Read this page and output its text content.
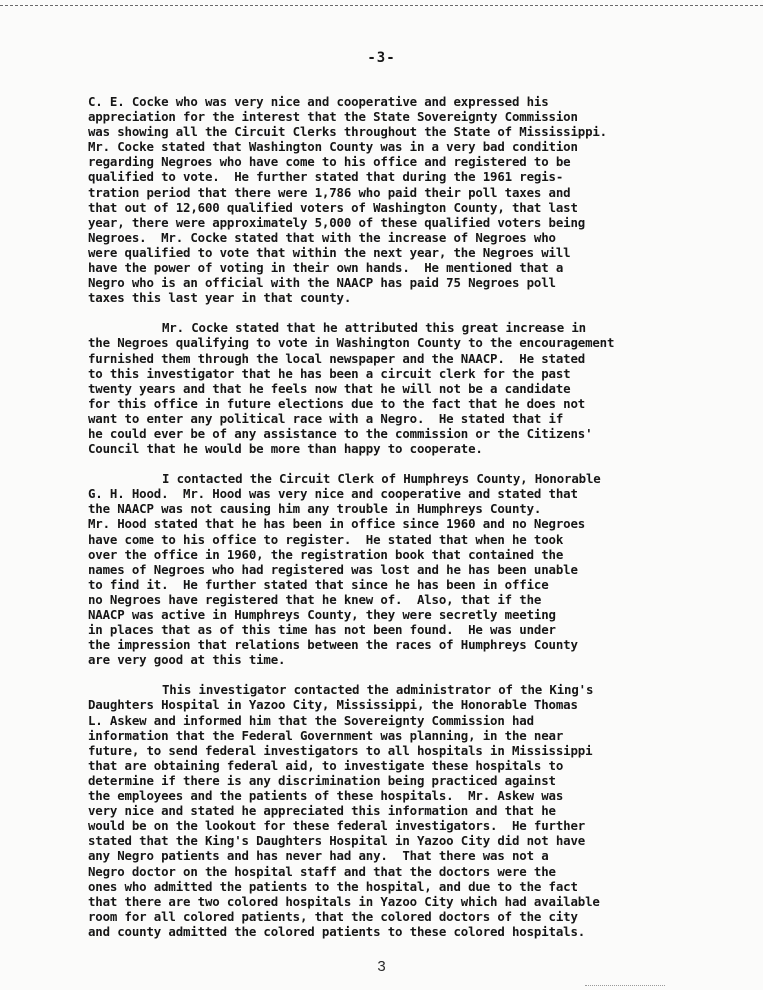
-3-
C. E. Cocke who was very nice and cooperative and expressed his
appreciation for the interest that the State Sovereignty Commission
was showing all the Circuit Clerks throughout the State of Mississippi.
Mr. Cocke stated that Washington County was in a very bad condition
regarding Negroes who have come to his office and registered to be
qualified to vote.  He further stated that during the 1961 regis-
tration period that there were 1,786 who paid their poll taxes and
that out of 12,600 qualified voters of Washington County, that last
year, there were approximately 5,000 of these qualified voters being
Negroes.  Mr. Cocke stated that with the increase of Negroes who
were qualified to vote that within the next year, the Negroes will
have the power of voting in their own hands.  He mentioned that a
Negro who is an official with the NAACP has paid 75 Negroes poll
taxes this last year in that county.
Mr. Cocke stated that he attributed this great increase in
the Negroes qualifying to vote in Washington County to the encouragement
furnished them through the local newspaper and the NAACP.  He stated
to this investigator that he has been a circuit clerk for the past
twenty years and that he feels now that he will not be a candidate
for this office in future elections due to the fact that he does not
want to enter any political race with a Negro.  He stated that if
he could ever be of any assistance to the commission or the Citizens'
Council that he would be more than happy to cooperate.
I contacted the Circuit Clerk of Humphreys County, Honorable
G. H. Hood.  Mr. Hood was very nice and cooperative and stated that
the NAACP was not causing him any trouble in Humphreys County.
Mr. Hood stated that he has been in office since 1960 and no Negroes
have come to his office to register.  He stated that when he took
over the office in 1960, the registration book that contained the
names of Negroes who had registered was lost and he has been unable
to find it.  He further stated that since he has been in office
no Negroes have registered that he knew of.  Also, that if the
NAACP was active in Humphreys County, they were secretly meeting
in places that as of this time has not been found.  He was under
the impression that relations between the races of Humphreys County
are very good at this time.
This investigator contacted the administrator of the King's
Daughters Hospital in Yazoo City, Mississippi, the Honorable Thomas
L. Askew and informed him that the Sovereignty Commission had
information that the Federal Government was planning, in the near
future, to send federal investigators to all hospitals in Mississippi
that are obtaining federal aid, to investigate these hospitals to
determine if there is any discrimination being practiced against
the employees and the patients of these hospitals.  Mr. Askew was
very nice and stated he appreciated this information and that he
would be on the lookout for these federal investigators.  He further
stated that the King's Daughters Hospital in Yazoo City did not have
any Negro patients and has never had any.  That there was not a
Negro doctor on the hospital staff and that the doctors were the
ones who admitted the patients to the hospital, and due to the fact
that there are two colored hospitals in Yazoo City which had available
room for all colored patients, that the colored doctors of the city
and county admitted the colored patients to these colored hospitals.
3
